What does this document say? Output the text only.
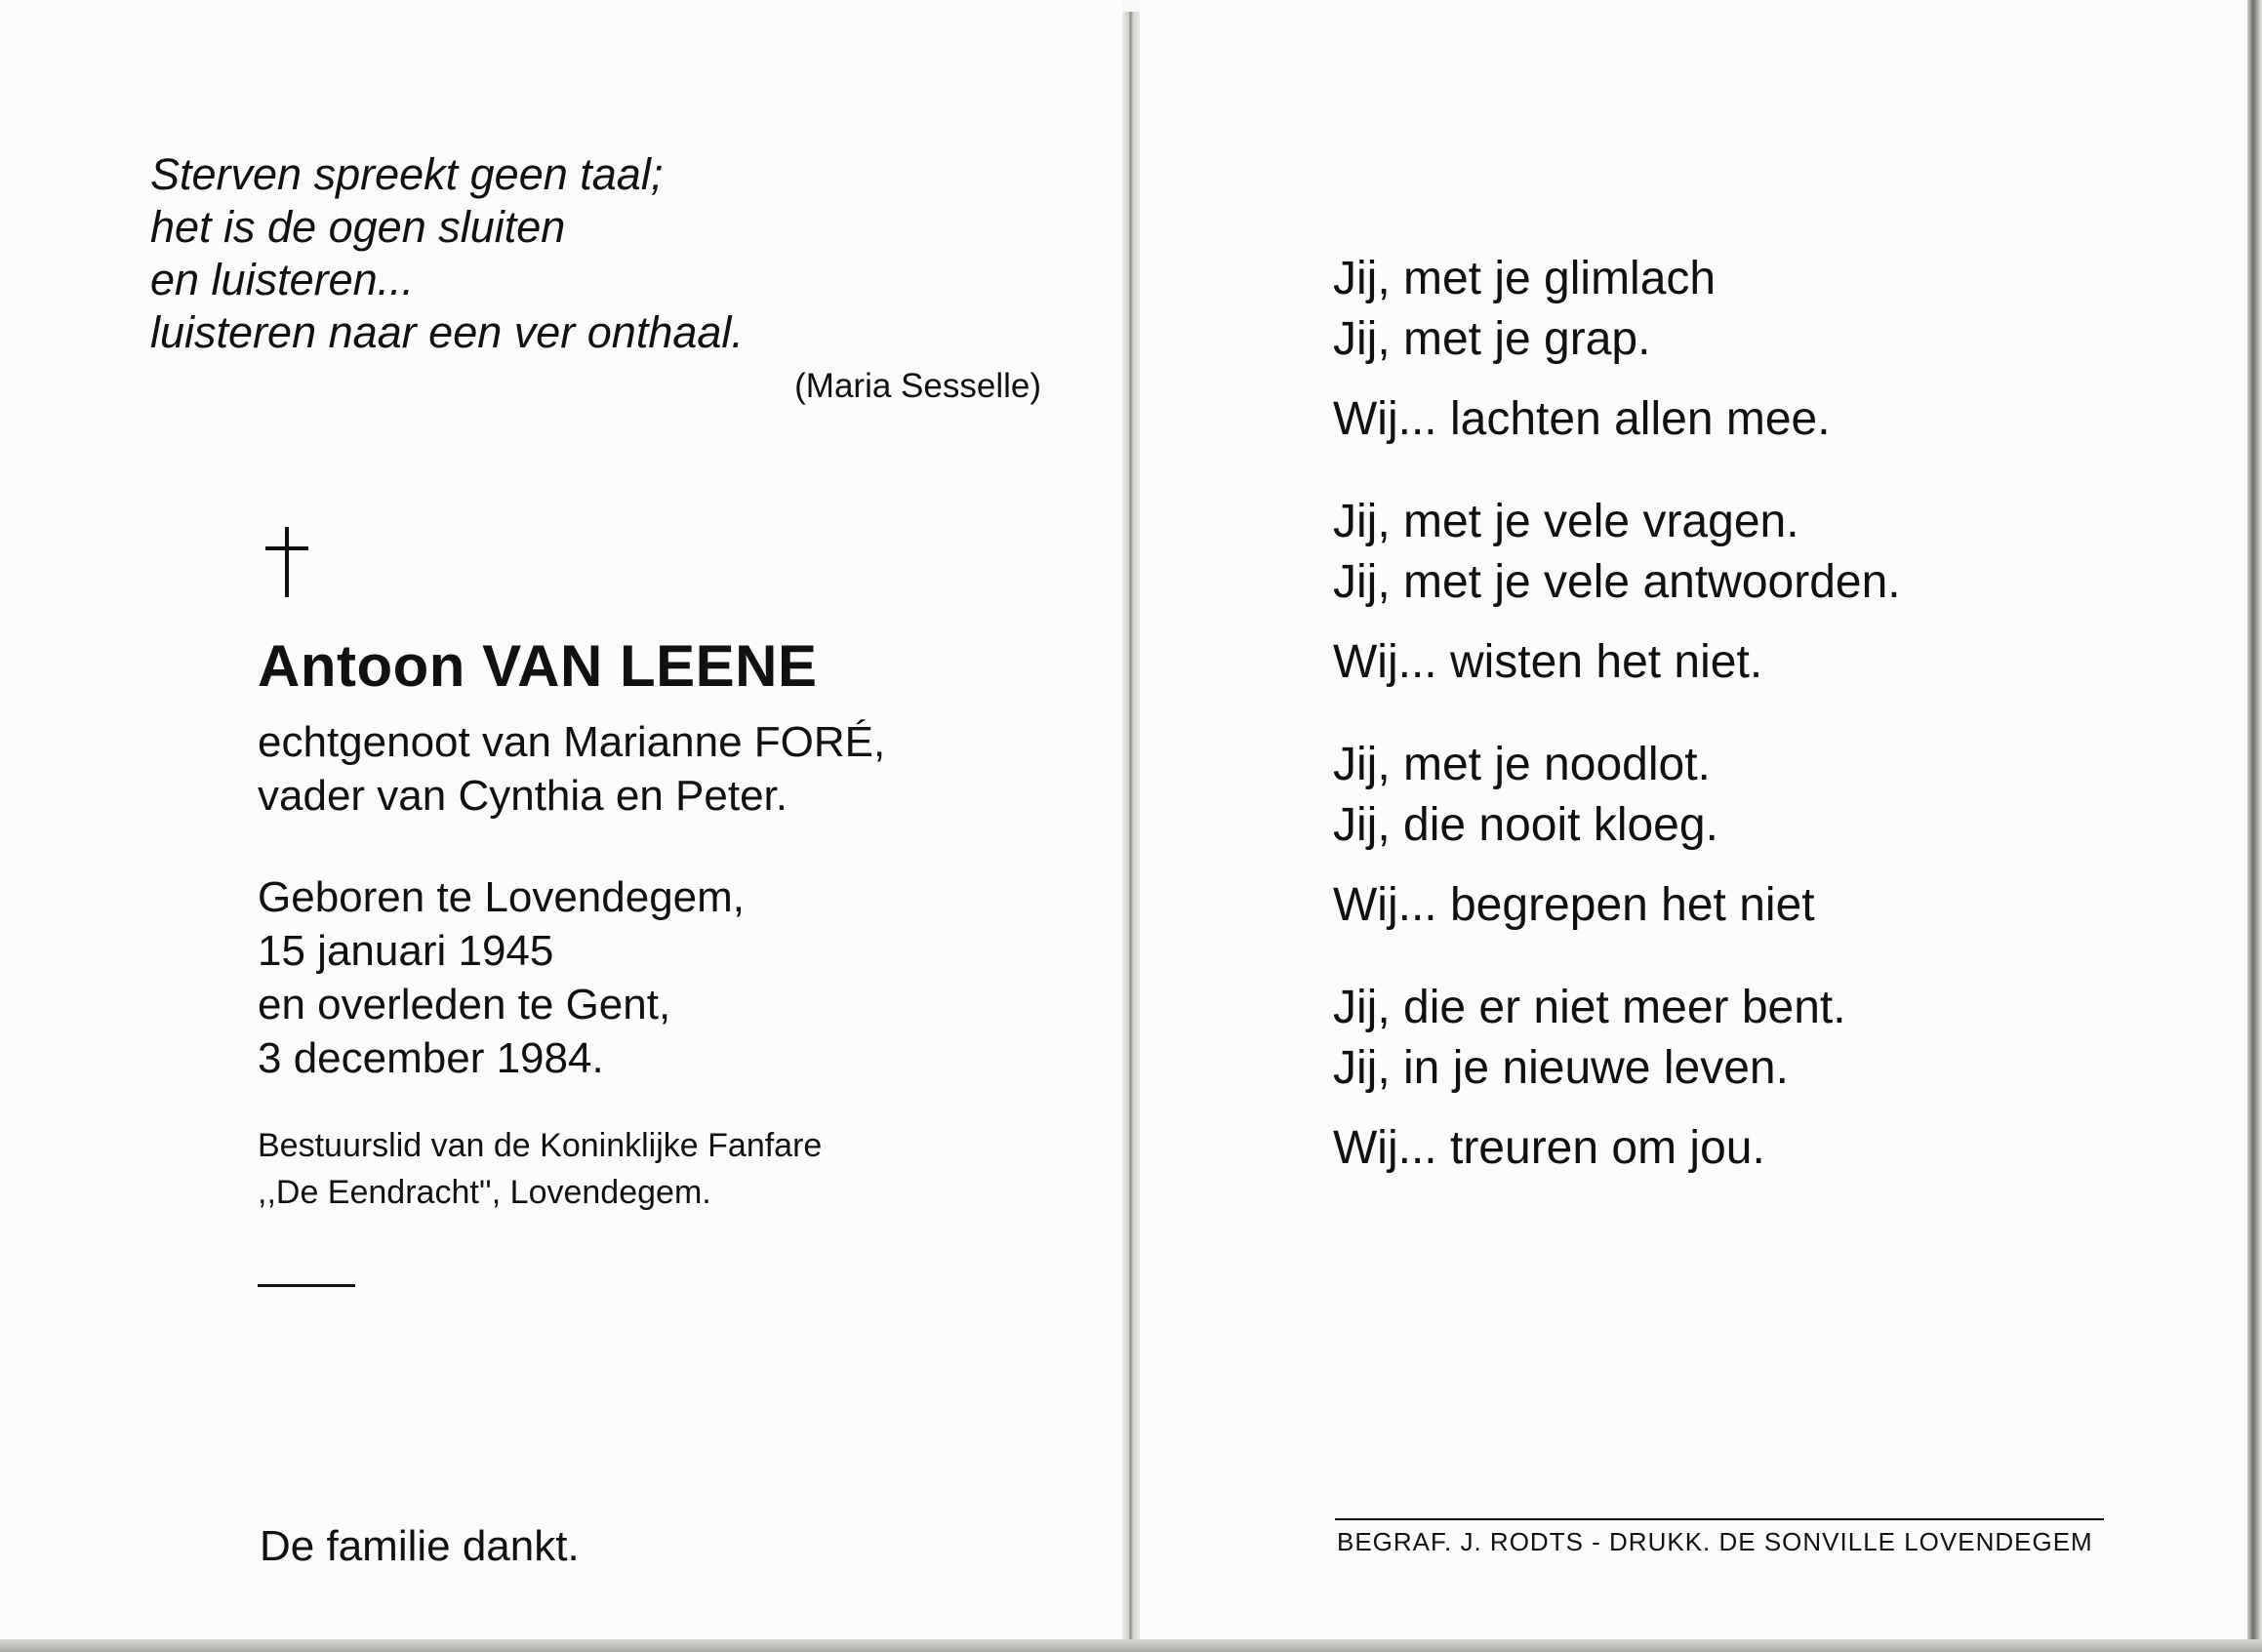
Sterven spreekt geen taal;
het is de ogen sluiten
en luisteren...
luisteren naar een ver onthaal.
(Maria Sesselle)
Antoon VAN LEENE
echtgenoot van Marianne FORÉ,
vader van Cynthia en Peter.
Geboren te Lovendegem,
15 januari 1945
en overleden te Gent,
3 december 1984.
Bestuurslid van de Koninklijke Fanfare
,,De Eendracht'', Lovendegem.
De familie dankt.
Jij, met je glimlach
Jij, met je grap.
Wij... lachten allen mee.
Jij, met je vele vragen.
Jij, met je vele antwoorden.
Wij... wisten het niet.
Jij, met je noodlot.
Jij, die nooit kloeg.
Wij... begrepen het niet
Jij, die er niet meer bent.
Jij, in je nieuwe leven.
Wij... treuren om jou.
BEGRAF. J. RODTS - DRUKK. DE SONVILLE LOVENDEGEM
